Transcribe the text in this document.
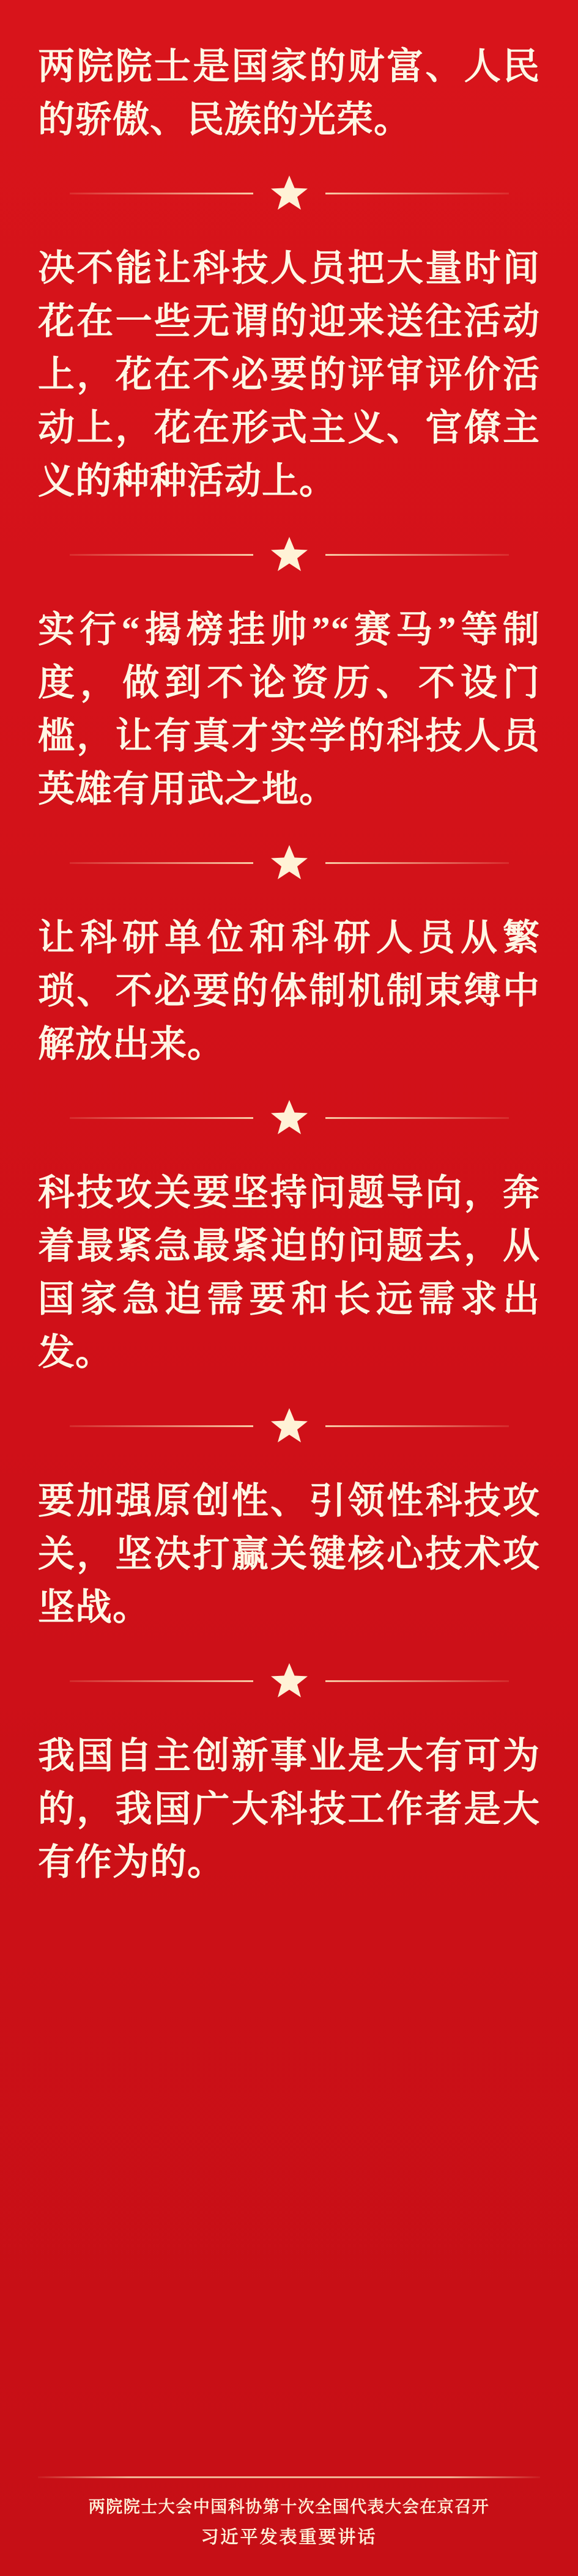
两院院士是国家的财富、人民的骄傲、民族的光荣。

决不能让科技人员把大量时间花在一些无谓的迎来送往活动上，花在不必要的评审评价活动上，花在形式主义、官僚主义的种种活动上。

实行“揭榜挂帅”“赛马”等制度，做到不论资历、不设门槛，让有真才实学的科技人员英雄有用武之地。

让科研单位和科研人员从繁琐、不必要的体制机制束缚中解放出来。

科技攻关要坚持问题导向，奔着最紧急最紧迫的问题去，从国家急迫需要和长远需求出发。

要加强原创性、引领性科技攻关，坚决打赢关键核心技术攻坚战。

我国自主创新事业是大有可为的，我国广大科技工作者是大有作为的。

两院院士大会中国科协第十次全国代表大会在京召开
习近平发表重要讲话
